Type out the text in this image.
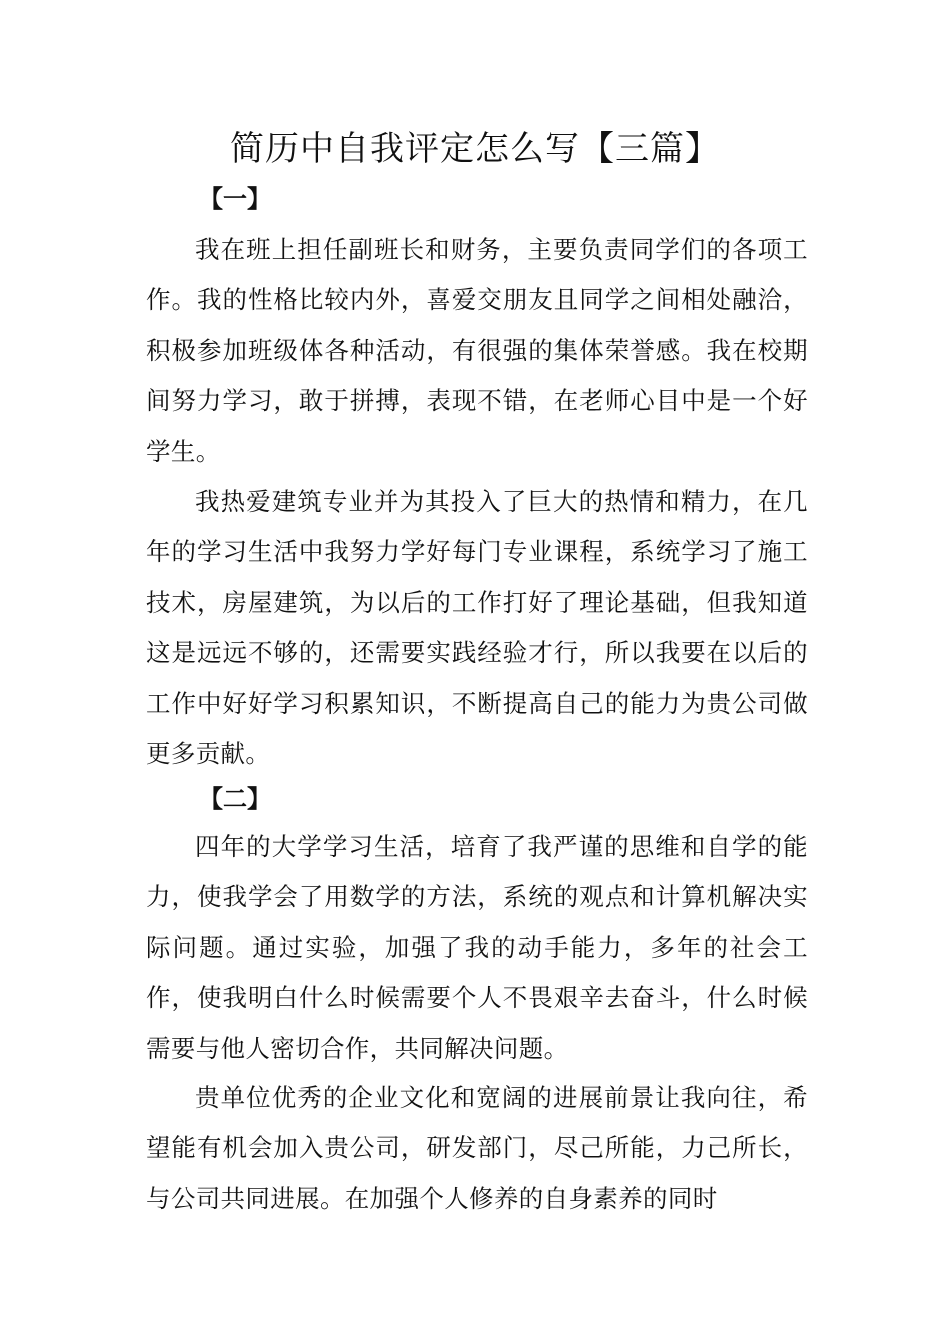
简历中自我评定怎么写【三篇】
【一】

我在班上担任副班长和财务，主要负责同学们的各项工作。我的性格比较内外，喜爱交朋友且同学之间相处融洽，积极参加班级体各种活动，有很强的集体荣誉感。我在校期间努力学习，敢于拼搏，表现不错，在老师心目中是一个好学生。

我热爱建筑专业并为其投入了巨大的热情和精力，在几年的学习生活中我努力学好每门专业课程，系统学习了施工技术，房屋建筑，为以后的工作打好了理论基础，但我知道这是远远不够的，还需要实践经验才行，所以我要在以后的工作中好好学习积累知识，不断提高自己的能力为贵公司做更多贡献。

【二】

四年的大学学习生活，培育了我严谨的思维和自学的能力，使我学会了用数学的方法，系统的观点和计算机解决实际问题。通过实验，加强了我的动手能力，多年的社会工作，使我明白什么时候需要个人不畏艰辛去奋斗，什么时候需要与他人密切合作，共同解决问题。

贵单位优秀的企业文化和宽阔的进展前景让我向往，希望能有机会加入贵公司，研发部门，尽己所能，力己所长，与公司共同进展。在加强个人修养的自身素养的同时
